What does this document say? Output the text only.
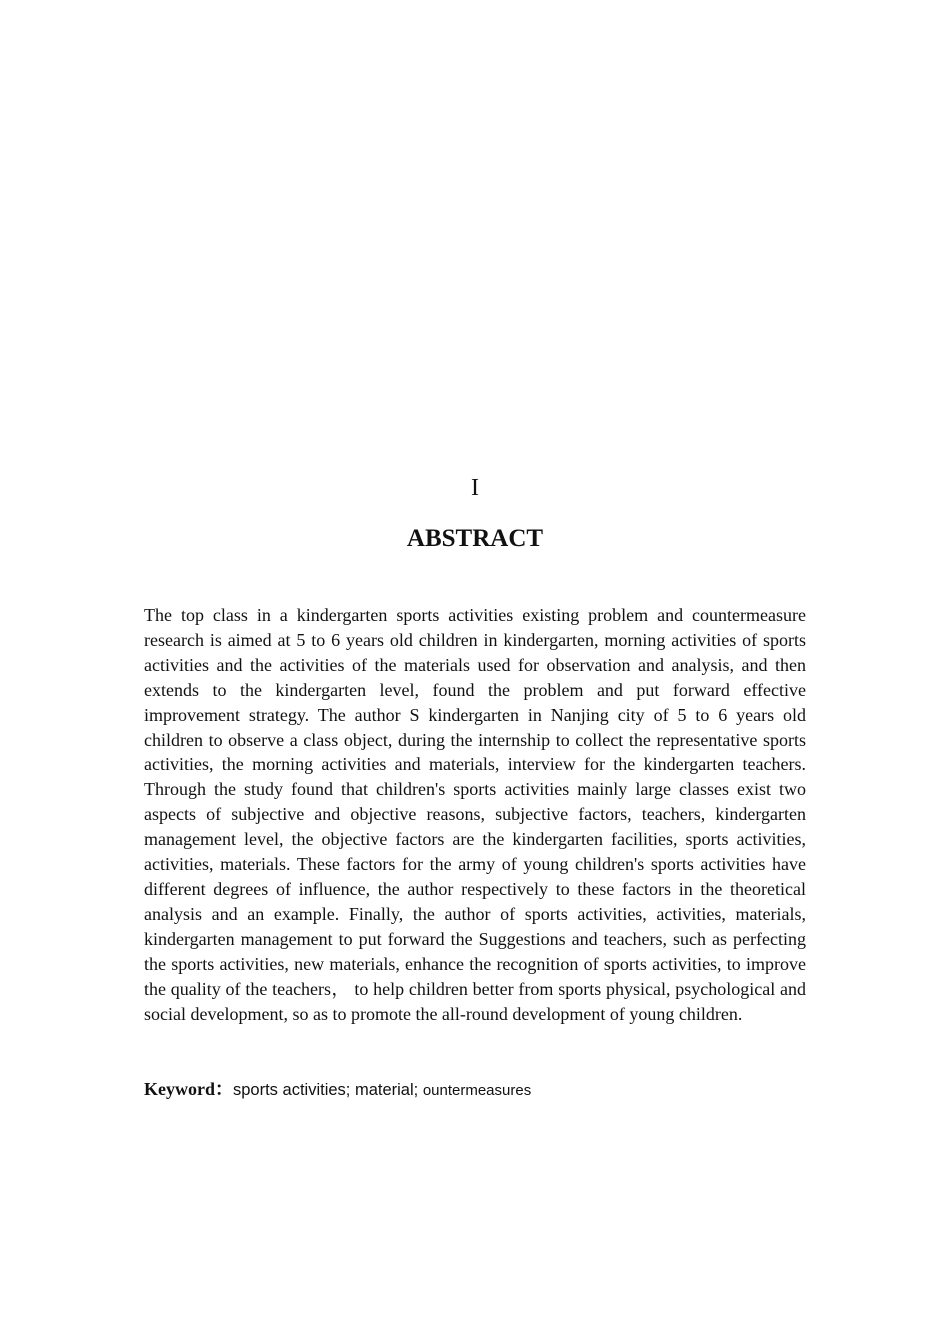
I
ABSTRACT

The top class in a kindergarten sports activities existing problem and countermeasure research is aimed at 5 to 6 years old children in kindergarten, morning activities of sports activities and the activities of the materials used for observation and analysis, and then extends to the kindergarten level, found the problem and put forward effective improvement strategy. The author S kindergarten in Nanjing city of 5 to 6 years old children to observe a class object, during the internship to collect the representative sports activities, the morning activities and materials, interview for the kindergarten teachers. Through the study found that children's sports activities mainly large classes exist two aspects of subjective and objective reasons, subjective factors, teachers, kindergarten management level, the objective factors are the kindergarten facilities, sports activities, activities, materials. These factors for the army of young children's sports activities have different degrees of influence, the author respectively to these factors in the theoretical analysis and an example. Finally, the author of sports activities, activities, materials, kindergarten management to put forward the Suggestions and teachers, such as perfecting the sports activities, new materials, enhance the recognition of sports activities, to improve the quality of the teachers， to help children better from sports physical, psychological and social development, so as to promote the all-round development of young children.

Keyword：sports activities; material; ountermeasures
